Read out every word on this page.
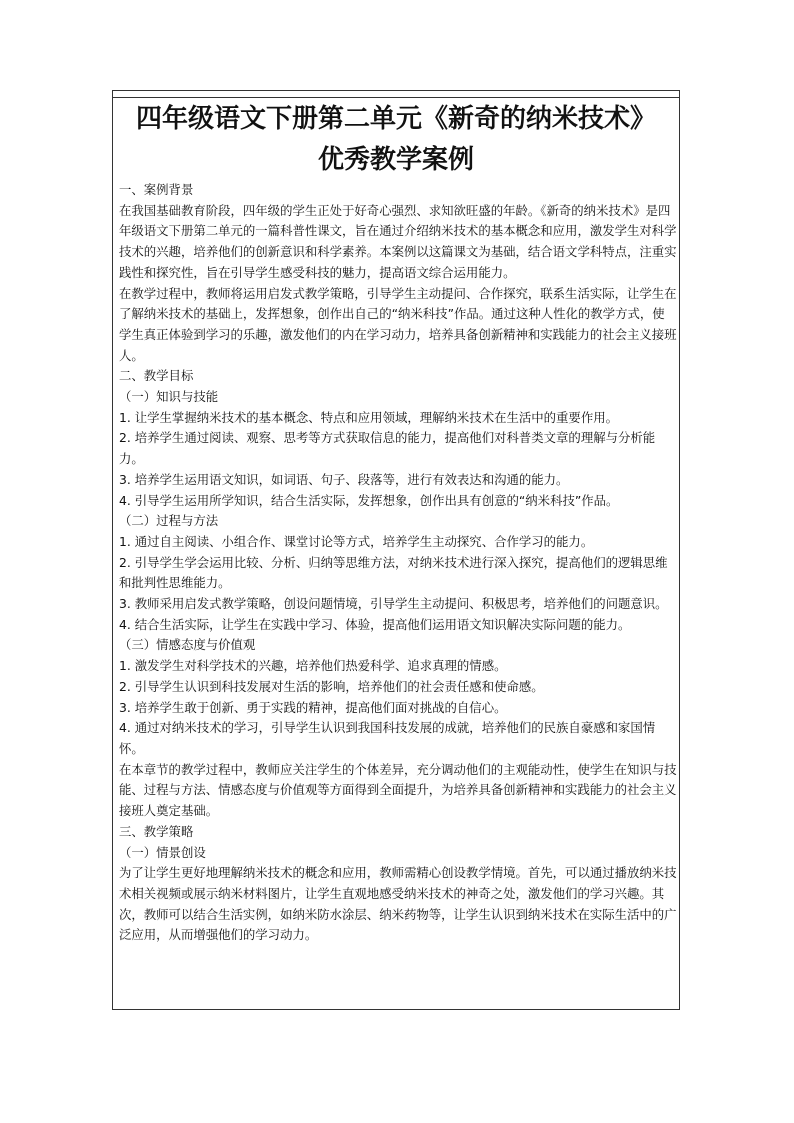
四年级语文下册第二单元《新奇的纳米技术》
优秀教学案例

一、案例背景

在我国基础教育阶段，四年级的学生正处于好奇心强烈、求知欲旺盛的年龄。《新奇的纳米技术》是四年级语文下册第二单元的一篇科普性课文，旨在通过介绍纳米技术的基本概念和应用，激发学生对科学技术的兴趣，培养他们的创新意识和科学素养。本案例以这篇课文为基础，结合语文学科特点，注重实践性和探究性，旨在引导学生感受科技的魅力，提高语文综合运用能力。

在教学过程中，教师将运用启发式教学策略，引导学生主动提问、合作探究，联系生活实际，让学生在了解纳米技术的基础上，发挥想象，创作出自己的“纳米科技”作品。通过这种人性化的教学方式，使学生真正体验到学习的乐趣，激发他们的内在学习动力，培养具备创新精神和实践能力的社会主义接班人。

二、教学目标

（一）知识与技能

1. 让学生掌握纳米技术的基本概念、特点和应用领域，理解纳米技术在生活中的重要作用。

2. 培养学生通过阅读、观察、思考等方式获取信息的能力，提高他们对科普类文章的理解与分析能力。

3. 培养学生运用语文知识，如词语、句子、段落等，进行有效表达和沟通的能力。

4. 引导学生运用所学知识，结合生活实际，发挥想象，创作出具有创意的“纳米科技”作品。

（二）过程与方法

1. 通过自主阅读、小组合作、课堂讨论等方式，培养学生主动探究、合作学习的能力。

2. 引导学生学会运用比较、分析、归纳等思维方法，对纳米技术进行深入探究，提高他们的逻辑思维和批判性思维能力。

3. 教师采用启发式教学策略，创设问题情境，引导学生主动提问、积极思考，培养他们的问题意识。

4. 结合生活实际，让学生在实践中学习、体验，提高他们运用语文知识解决实际问题的能力。

（三）情感态度与价值观

1. 激发学生对科学技术的兴趣，培养他们热爱科学、追求真理的情感。

2. 引导学生认识到科技发展对生活的影响，培养他们的社会责任感和使命感。

3. 培养学生敢于创新、勇于实践的精神，提高他们面对挑战的自信心。

4. 通过对纳米技术的学习，引导学生认识到我国科技发展的成就，培养他们的民族自豪感和家国情怀。

在本章节的教学过程中，教师应关注学生的个体差异，充分调动他们的主观能动性，使学生在知识与技能、过程与方法、情感态度与价值观等方面得到全面提升，为培养具备创新精神和实践能力的社会主义接班人奠定基础。

三、教学策略

（一）情景创设

为了让学生更好地理解纳米技术的概念和应用，教师需精心创设教学情境。首先，可以通过播放纳米技术相关视频或展示纳米材料图片，让学生直观地感受纳米技术的神奇之处，激发他们的学习兴趣。其次，教师可以结合生活实例，如纳米防水涂层、纳米药物等，让学生认识到纳米技术在实际生活中的广泛应用，从而增强他们的学习动力。
